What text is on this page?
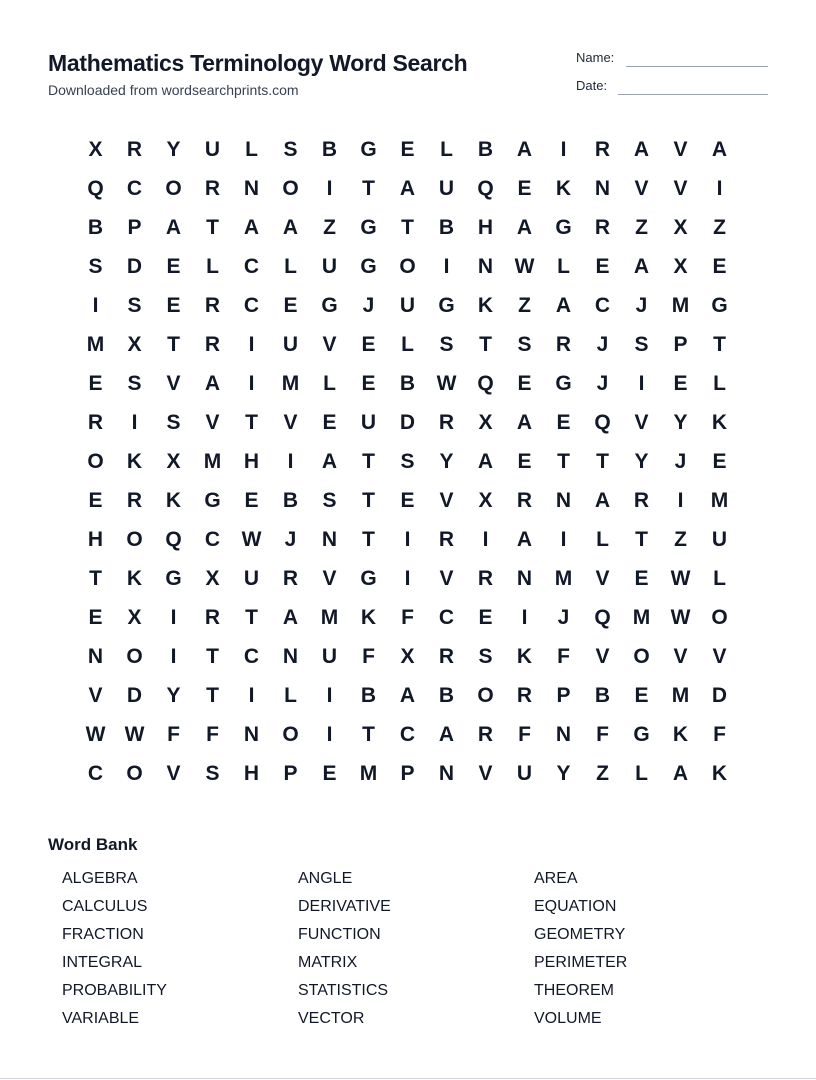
Mathematics Terminology Word Search
Downloaded from wordsearchprints.com
Name:
Date:
X	R	Y	U	L	S	B	G	E	L	B	A	I	R	A	V	A
Q	C	O	R	N	O	I	T	A	U	Q	E	K	N	V	V	I
B	P	A	T	A	A	Z	G	T	B	H	A	G	R	Z	X	Z
S	D	E	L	C	L	U	G	O	I	N	W	L	E	A	X	E
I	S	E	R	C	E	G	J	U	G	K	Z	A	C	J	M	G
M	X	T	R	I	U	V	E	L	S	T	S	R	J	S	P	T
E	S	V	A	I	M	L	E	B	W Q	E	G	J	I	E	L
R	I	S	V	T	V	E	U	D	R	X	A	E	Q	V	Y	K
O	K	X	M	H	I	A	T	S	Y	A	E	T	T	Y	J	E
E	R	K	G	E	B	S	T	E	V	X	R	N	A	R	I	M
H	O	Q	C	W	J	N	T	I	R	I	A	I	L	T	Z	U
T	K	G	X	U	R	V	G	I	V	R	N	M	V	E	W	L
E	X	I	R	T	A	M	K	F	C	E	I	J	Q	M W O
N	O	I	T	C	N	U	F	X	R	S	K	F	V	O	V	V
V	D	Y	T	I	L	I	B	A	B	O	R	P	B	E	M	D
W W	F	F	N	O	I	T	C	A	R	F	N	F	G	K	F
C	O	V	S	H	P	E	M	P	N	V	U	Y	Z	L	A	K
Word Bank
ALGEBRA	ANGLE	AREA
CALCULUS	DERIVATIVE	EQUATION
FRACTION	FUNCTION	GEOMETRY
INTEGRAL	MATRIX	PERIMETER
PROBABILITY	STATISTICS	THEOREM
VARIABLE	VECTOR	VOLUME
